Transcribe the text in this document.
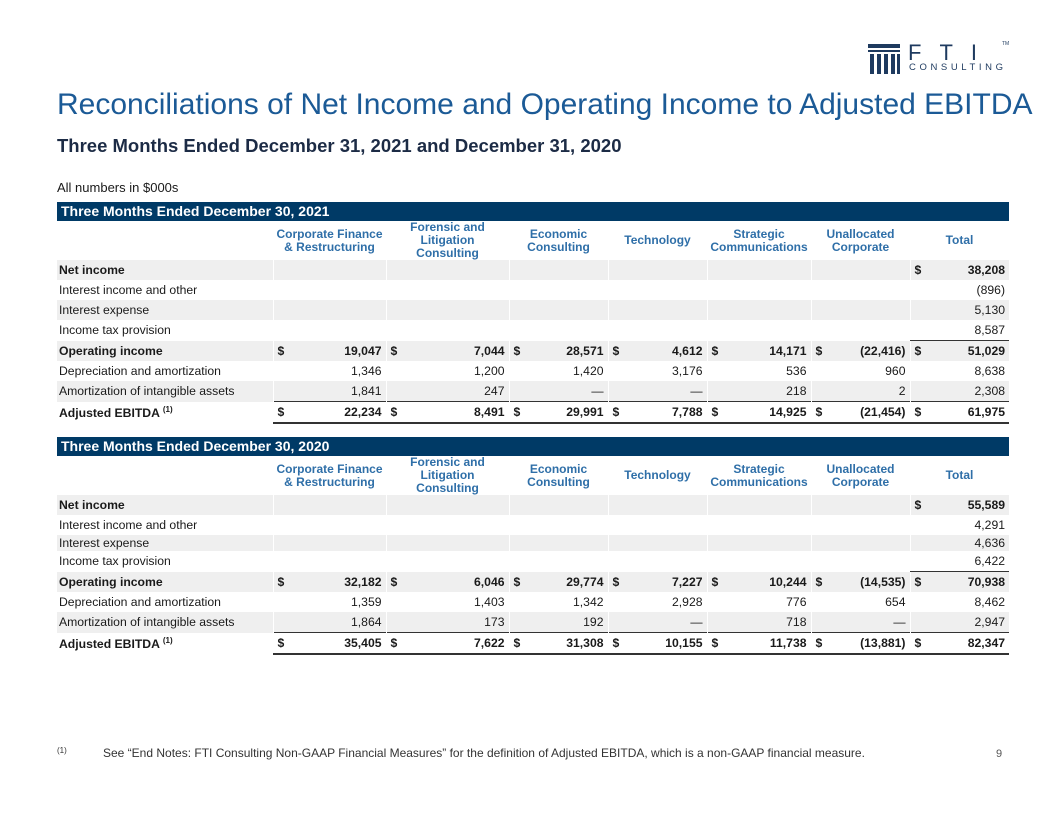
FTI
CONSULTING
TM
Reconciliations of Net Income and Operating Income to Adjusted EBITDA
Three Months Ended December 31, 2021 and December 31, 2020
All numbers in $000s
Three Months Ended December 30, 2021
	Corporate Finance & Restructuring	Forensic and Litigation Consulting	Economic Consulting	Technology	Strategic Communications	Unallocated Corporate	Total
Net income							$ 38,208
Interest income and other							(896)
Interest expense							5,130
Income tax provision							8,587
Operating income	$ 19,047	$ 7,044	$ 28,571	$ 4,612	$ 14,171	$ (22,416)	$ 51,029
Depreciation and amortization	1,346	1,200	1,420	3,176	536	960	8,638
Amortization of intangible assets	1,841	247	—	—	218	2	2,308
Adjusted EBITDA $^{(1)}$	$ 22,234	$ 8,491	$ 29,991	$ 7,788	$ 14,925	$ (21,454)	$ 61,975
Three Months Ended December 30, 2020
	Corporate Finance & Restructuring	Forensic and Litigation Consulting	Economic Consulting	Technology	Strategic Communications	Unallocated Corporate	Total
Net income							$ 55,589
Interest income and other							4,291
Interest expense							4,636
Income tax provision							6,422
Operating income	$ 32,182	$ 6,046	$ 29,774	$ 7,227	$ 10,244	$ (14,535)	$ 70,938
Depreciation and amortization	1,359	1,403	1,342	2,928	776	654	8,462
Amortization of intangible assets	1,864	173	192	—	718	—	2,947
Adjusted EBITDA $^{(1)}$	$ 35,405	$ 7,622	$ 31,308	$ 10,155	$ 11,738	$ (13,881)	$ 82,347
$^{(1)}$	See “End Notes: FTI Consulting Non-GAAP Financial Measures” for the definition of Adjusted EBITDA, which is a non-GAAP financial measure.	9
